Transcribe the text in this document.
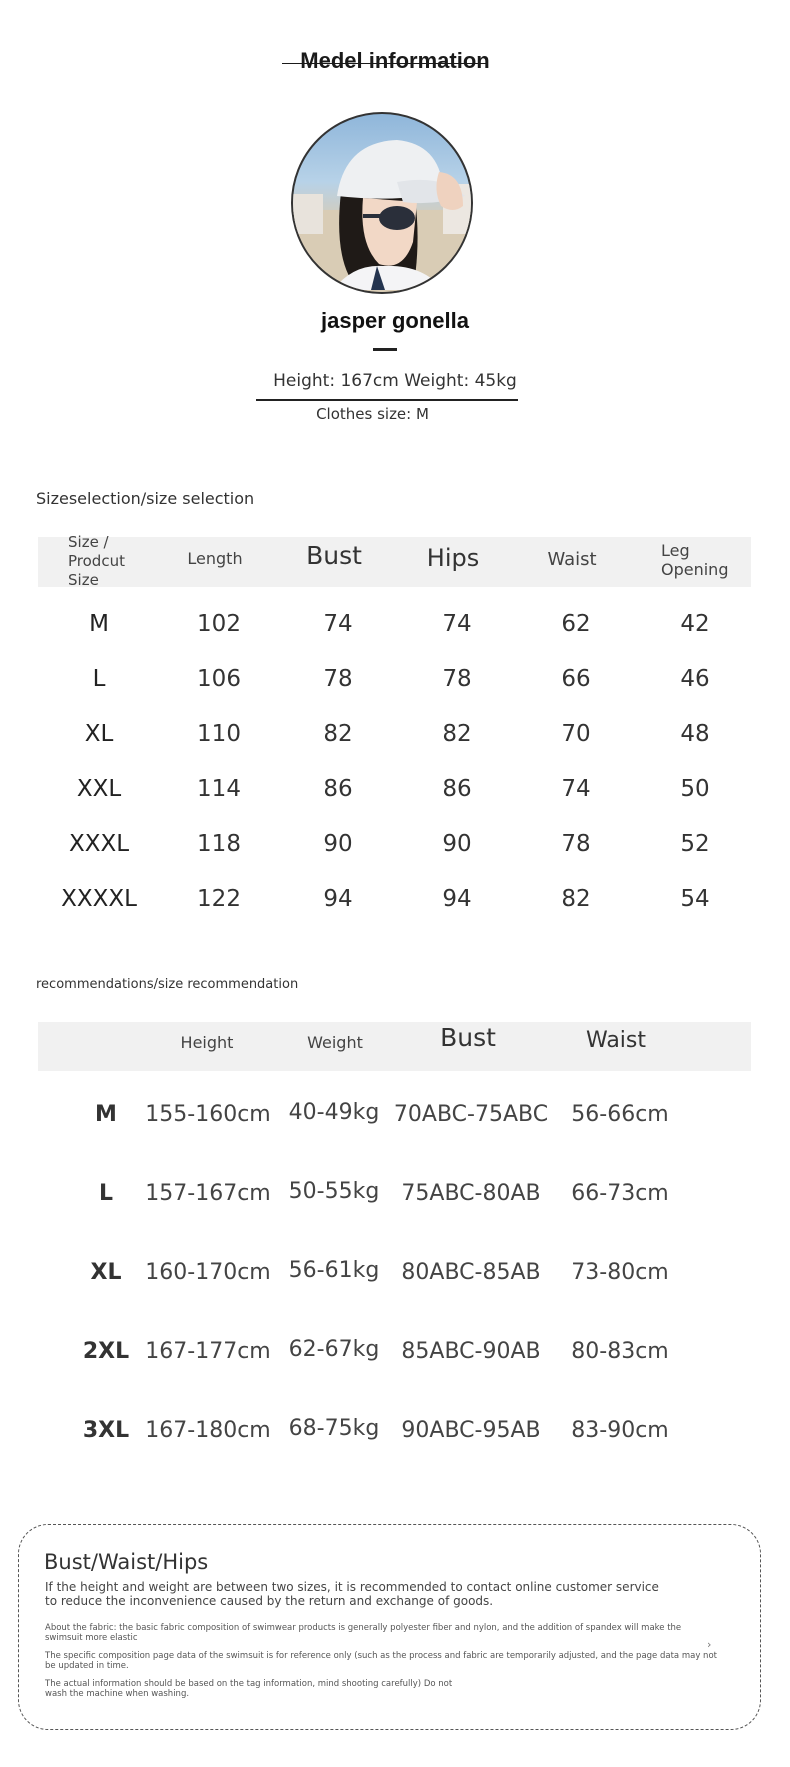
Medel information
jasper gonella
Height: 167cm Weight: 45kg
Clothes size: M
Sizeselection/size selection
Size / Prodcut Size
Length	Bust	Hips	Waist	Leg Opening
M	102	74	74	62	42
L	106	78	78	66	46
XL	110	82	82	70	48
XXL	114	86	86	74	50
XXXL	118	90	90	78	52
XXXXL	122	94	94	82	54
recommendations/size recommendation
Height	Weight	Bust	Waist
M 155-160cm 40-49kg 70ABC-75ABC 56-66cm
L 157-167cm 50-55kg 75ABC-80AB 66-73cm
XL 160-170cm 56-61kg 80ABC-85AB 73-80cm
2XL 167-177cm 62-67kg 85ABC-90AB 80-83cm
3XL 167-180cm 68-75kg 90ABC-95AB 83-90cm
Bust/Waist/Hips
If the height and weight are between two sizes, it is recommended to contact online customer service to reduce the inconvenience caused by the return and exchange of goods.
About the fabric: the basic fabric composition of swimwear products is generally polyester fiber and nylon, and the addition of spandex will make the swimsuit more elastic
The specific composition page data of the swimsuit is for reference only (such as the process and fabric are temporarily adjusted, and the page data may not be updated in time.
The actual information should be based on the tag information, mind shooting carefully) Do not wash the machine when washing.
›
